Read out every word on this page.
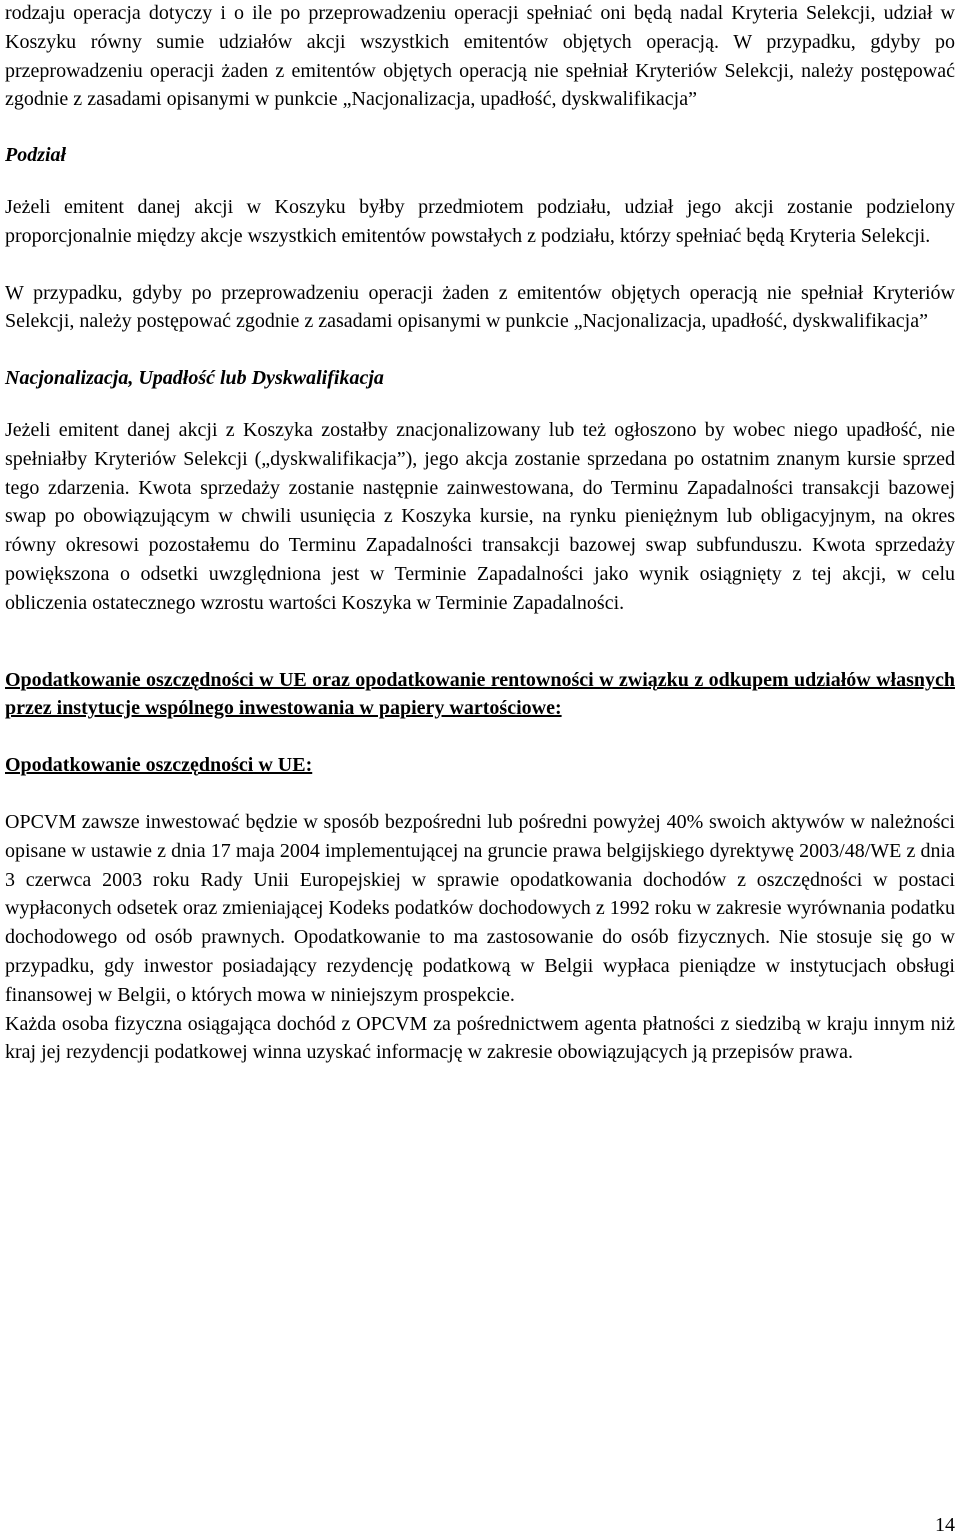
rodzaju operacja dotyczy i o ile po przeprowadzeniu operacji spełniać oni będą nadal Kryteria Selekcji, udział w Koszyku równy sumie udziałów akcji wszystkich emitentów objętych operacją. W przypadku, gdyby po przeprowadzeniu operacji żaden z emitentów objętych operacją nie spełniał Kryteriów Selekcji, należy postępować zgodnie z zasadami opisanymi w punkcie „Nacjonalizacja, upadłość, dyskwalifikacja”

Podział

Jeżeli emitent danej akcji w Koszyku byłby przedmiotem podziału, udział jego akcji zostanie podzielony proporcjonalnie między akcje wszystkich emitentów powstałych z podziału, którzy spełniać będą Kryteria Selekcji.

W przypadku, gdyby po przeprowadzeniu operacji żaden z emitentów objętych operacją nie spełniał Kryteriów Selekcji, należy postępować zgodnie z zasadami opisanymi w punkcie „Nacjonalizacja, upadłość, dyskwalifikacja”

Nacjonalizacja, Upadłość lub Dyskwalifikacja

Jeżeli emitent danej akcji z Koszyka zostałby znacjonalizowany lub też ogłoszono by wobec niego upadłość, nie spełniałby Kryteriów Selekcji („dyskwalifikacja”), jego akcja zostanie sprzedana po ostatnim znanym kursie sprzed tego zdarzenia. Kwota sprzedaży zostanie następnie zainwestowana, do Terminu Zapadalności transakcji bazowej swap po obowiązującym w chwili usunięcia z Koszyka kursie, na rynku pieniężnym lub obligacyjnym, na okres równy okresowi pozostałemu do Terminu Zapadalności transakcji bazowej swap subfunduszu. Kwota sprzedaży powiększona o odsetki uwzględniona jest w Terminie Zapadalności jako wynik osiągnięty z tej akcji, w celu obliczenia ostatecznego wzrostu wartości Koszyka w Terminie Zapadalności.

Opodatkowanie oszczędności w UE oraz opodatkowanie rentowności w związku z odkupem udziałów własnych przez instytucje wspólnego inwestowania w papiery wartościowe:
Opodatkowanie oszczędności w UE:

OPCVM zawsze inwestować będzie w sposób bezpośredni lub pośredni powyżej 40% swoich aktywów w należności opisane w ustawie z dnia 17 maja 2004 implementującej na gruncie prawa belgijskiego dyrektywę 2003/48/WE z dnia 3 czerwca 2003 roku Rady Unii Europejskiej w sprawie opodatkowania dochodów z oszczędności w postaci wypłaconych odsetek oraz zmieniającej Kodeks podatków dochodowych z 1992 roku w zakresie wyrównania podatku dochodowego od osób prawnych. Opodatkowanie to ma zastosowanie do osób fizycznych. Nie stosuje się go w przypadku, gdy inwestor posiadający rezydencję podatkową w Belgii wypłaca pieniądze w instytucjach obsługi finansowej w Belgii, o których mowa w niniejszym prospekcie.

Każda osoba fizyczna osiągająca dochód z OPCVM za pośrednictwem agenta płatności z siedzibą w kraju innym niż kraj jej rezydencji podatkowej winna uzyskać informację w zakresie obowiązujących ją przepisów prawa.

14
